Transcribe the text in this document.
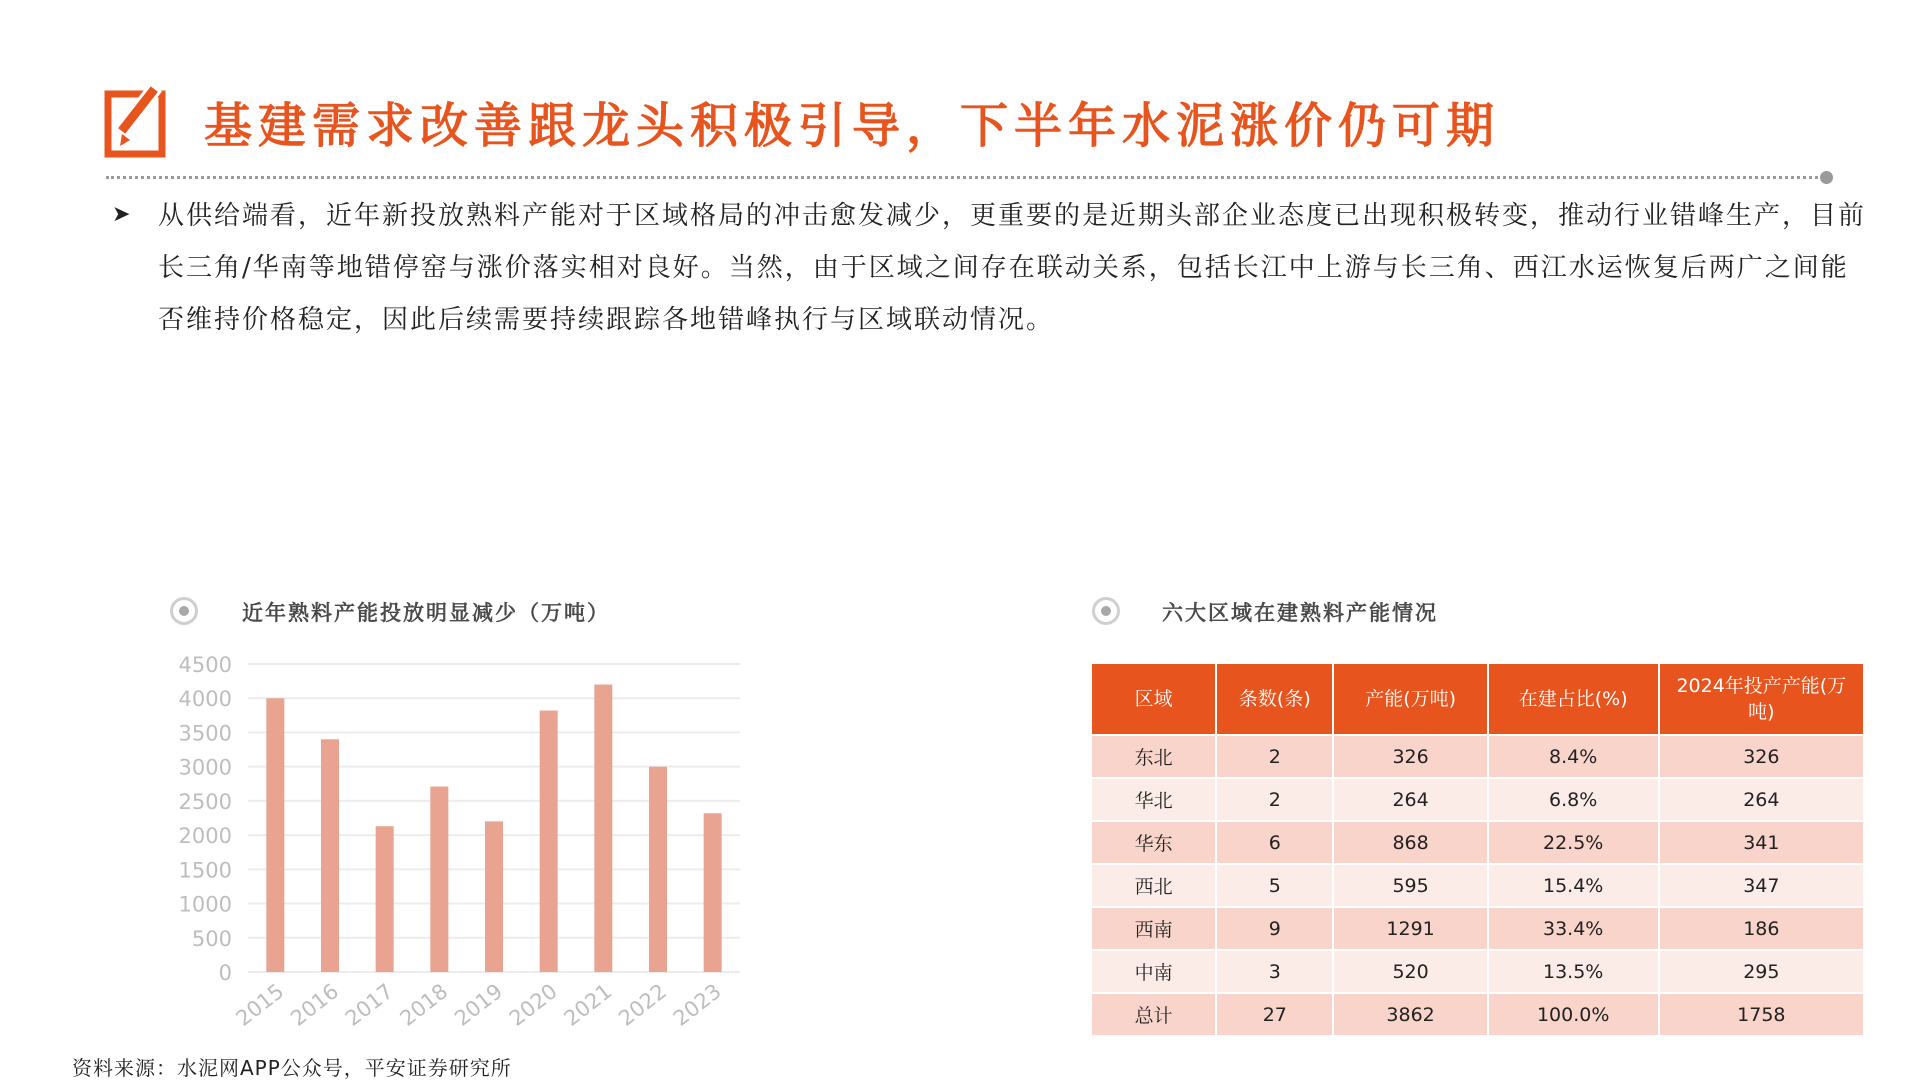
基建需求改善跟龙头积极引导，下半年水泥涨价仍可期
➤ 从供给端看，近年新投放熟料产能对于区域格局的冲击愈发减少，更重要的是近期头部企业态度已出现积极转变，推动行业错峰生产，目前长三角/华南等地错停窑与涨价落实相对良好。当然，由于区域之间存在联动关系，包括长江中上游与长三角、西江水运恢复后两广之间能否维持价格稳定，因此后续需要持续跟踪各地错峰执行与区域联动情况。
近年熟料产能投放明显减少（万吨）
0
500
1000
1500
2000
2500
3000
3500
4000
4500
2015
2016
2017
2018
2019
2020
2021
2022
2023
六大区域在建熟料产能情况
区域	条数(条)	产能(万吨)	在建占比(%)	2024年投产产能(万吨)
东北	2	326	8.4%	326
华北	2	264	6.8%	264
华东	6	868	22.5%	341
西北	5	595	15.4%	347
西南	9	1291	33.4%	186
中南	3	520	13.5%	295
总计	27	3862	100.0%	1758
资料来源：水泥网APP公众号，平安证券研究所
